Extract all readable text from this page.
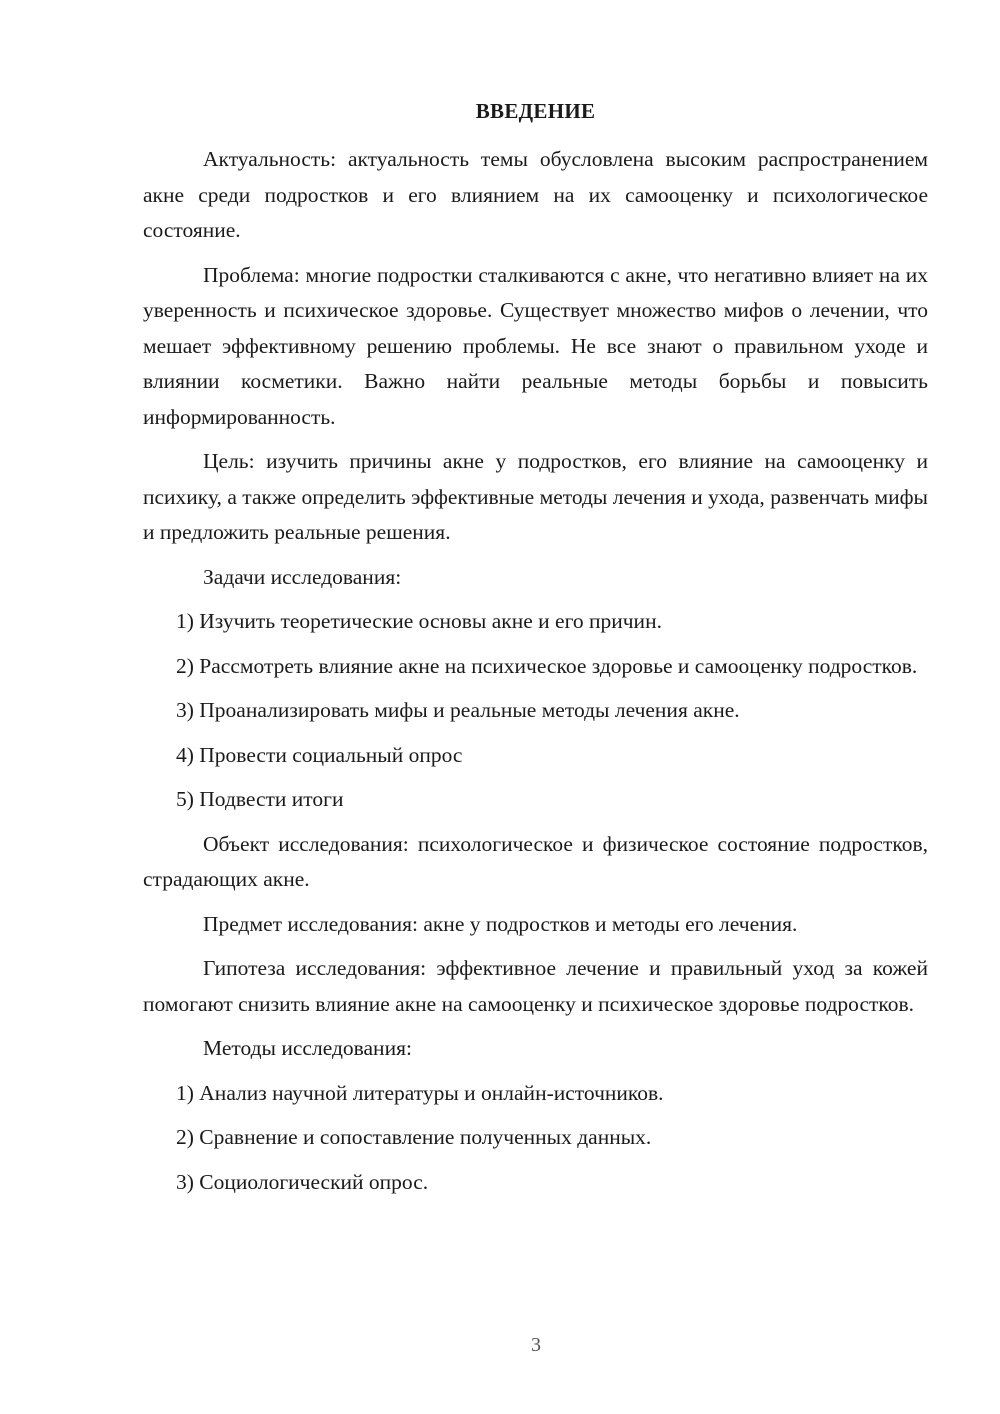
ВВЕДЕНИЕ

Актуальность: актуальность темы обусловлена высоким распространением акне среди подростков и его влиянием на их самооценку и психологическое состояние.

Проблема: многие подростки сталкиваются с акне, что негативно влияет на их уверенность и психическое здоровье. Существует множество мифов о лечении, что мешает эффективному решению проблемы. Не все знают о правильном уходе и влиянии косметики. Важно найти реальные методы борьбы и повысить информированность.

Цель: изучить причины акне у подростков, его влияние на самооценку и психику, а также определить эффективные методы лечения и ухода, развенчать мифы и предложить реальные решения.

Задачи исследования:

1) Изучить теоретические основы акне и его причин.

2) Рассмотреть влияние акне на психическое здоровье и самооценку подростков.

3) Проанализировать мифы и реальные методы лечения акне.

4) Провести социальный опрос

5) Подвести итоги

Объект исследования: психологическое и физическое состояние подростков, страдающих акне.

Предмет исследования: акне у подростков и методы его лечения.

Гипотеза исследования: эффективное лечение и правильный уход за кожей помогают снизить влияние акне на самооценку и психическое здоровье подростков.

Методы исследования:

1) Анализ научной литературы и онлайн-источников.

2) Сравнение и сопоставление полученных данных.

3) Социологический опрос.

3
